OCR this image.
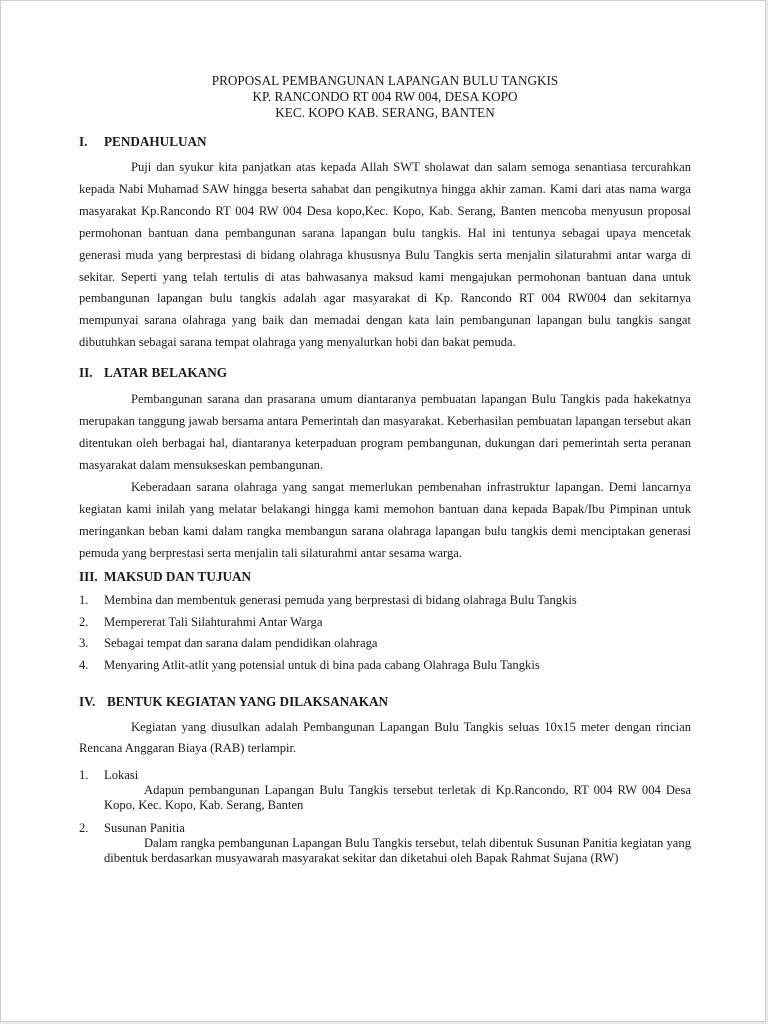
PROPOSAL PEMBANGUNAN LAPANGAN BULU TANGKIS
KP. RANCONDO RT 004 RW 004, DESA KOPO
KEC. KOPO KAB. SERANG, BANTEN
I.	PENDAHULUAN

Puji dan syukur kita panjatkan atas kepada Allah SWT sholawat dan salam semoga senantiasa tercurahkan kepada Nabi Muhamad SAW hingga beserta sahabat dan pengikutnya hingga akhir zaman. Kami dari atas nama warga masyarakat Kp.Rancondo RT 004 RW 004 Desa kopo,Kec. Kopo, Kab. Serang, Banten mencoba menyusun proposal permohonan bantuan dana pembangunan sarana lapangan bulu tangkis. Hal ini tentunya sebagai upaya mencetak generasi muda yang berprestasi di bidang olahraga khususnya Bulu Tangkis serta menjalin silaturahmi antar warga di sekitar. Seperti yang telah tertulis di atas bahwasanya maksud kami mengajukan permohonan bantuan dana untuk pembangunan lapangan bulu tangkis adalah agar masyarakat di Kp. Rancondo RT 004 RW004 dan sekitarnya mempunyai sarana olahraga yang baik dan memadai dengan kata lain pembangunan lapangan bulu tangkis sangat dibutuhkan sebagai sarana tempat olahraga yang menyalurkan hobi dan bakat pemuda.

II. LATAR BELAKANG

Pembangunan sarana dan prasarana umum diantaranya pembuatan lapangan Bulu Tangkis pada hakekatnya merupakan tanggung jawab bersama antara Pemerintah dan masyarakat. Keberhasilan pembuatan lapangan tersebut akan ditentukan oleh berbagai hal, diantaranya keterpaduan program pembangunan, dukungan dari pemerintah serta peranan masyarakat dalam mensukseskan pembangunan.

Keberadaan sarana olahraga yang sangat memerlukan pembenahan infrastruktur lapangan. Demi lancarnya kegiatan kami inilah yang melatar belakangi hingga kami memohon bantuan dana kepada Bapak/Ibu Pimpinan untuk meringankan beban kami dalam rangka membangun sarana olahraga lapangan bulu tangkis demi menciptakan generasi pemuda yang berprestasi serta menjalin tali silaturahmi antar sesama warga.

III. MAKSUD DAN TUJUAN
1.	Membina dan membentuk generasi pemuda yang berprestasi di bidang olahraga Bulu Tangkis
2.	Mempererat Tali Silahturahmi Antar Warga
3.	Sebagai tempat dan sarana dalam pendidikan olahraga
4.	Menyaring Atlit-atlit yang potensial untuk di bina pada cabang Olahraga Bulu Tangkis
IV. BENTUK KEGIATAN YANG DILAKSANAKAN

Kegiatan yang diusulkan adalah Pembangunan Lapangan Bulu Tangkis seluas 10x15 meter dengan rincian Rencana Anggaran Biaya (RAB) terlampir.

1.	Lokasi

Adapun pembangunan Lapangan Bulu Tangkis tersebut terletak di Kp.Rancondo, RT 004 RW 004 Desa Kopo, Kec. Kopo, Kab. Serang, Banten

2.	Susunan Panitia

Dalam rangka pembangunan Lapangan Bulu Tangkis tersebut, telah dibentuk Susunan Panitia kegiatan yang dibentuk berdasarkan musyawarah masyarakat sekitar dan diketahui oleh Bapak Rahmat Sujana (RW)
